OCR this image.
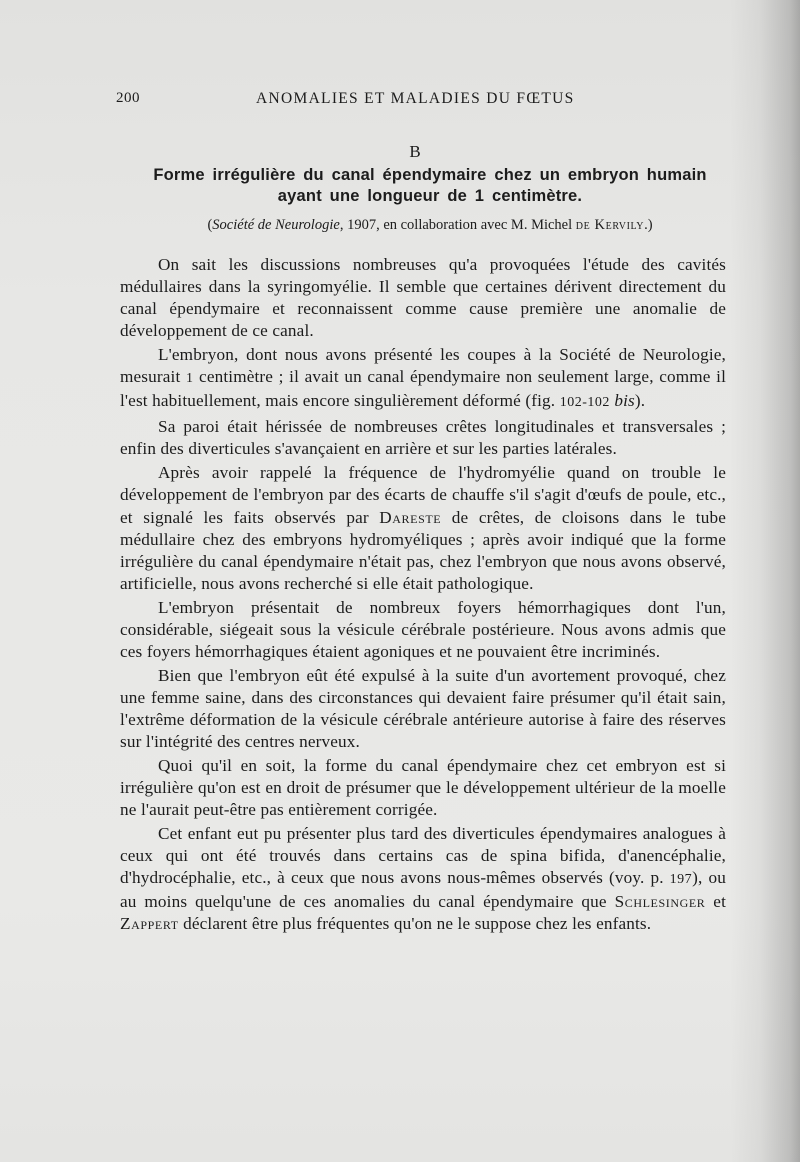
200	ANOMALIES ET MALADIES DU FŒTUS
B
Forme irrégulière du canal épendymaire chez un embryon humain
ayant une longueur de 1 centimètre.
(Société de Neurologie, 1907, en collaboration avec M. Michel de Kervily.)

On sait les discussions nombreuses qu'a provoquées l'étude des cavités médullaires dans la syringomyélie. Il semble que certaines dérivent directement du canal épendymaire et reconnaissent comme cause première une anomalie de développement de ce canal.

L'embryon, dont nous avons présenté les coupes à la Société de Neurologie, mesurait 1 centimètre ; il avait un canal épendymaire non seulement large, comme il l'est habituellement, mais encore singulièrement déformé (fig. 102-102 bis).

Sa paroi était hérissée de nombreuses crêtes longitudinales et transversales ; enfin des diverticules s'avançaient en arrière et sur les parties latérales.

Après avoir rappelé la fréquence de l'hydromyélie quand on trouble le développement de l'embryon par des écarts de chauffe s'il s'agit d'œufs de poule, etc., et signalé les faits observés par Dareste de crêtes, de cloisons dans le tube médullaire chez des embryons hydromyéliques ; après avoir indiqué que la forme irrégulière du canal épendymaire n'était pas, chez l'embryon que nous avons observé, artificielle, nous avons recherché si elle était pathologique.

L'embryon présentait de nombreux foyers hémorrhagiques dont l'un, considérable, siégeait sous la vésicule cérébrale postérieure. Nous avons admis que ces foyers hémorrhagiques étaient agoniques et ne pouvaient être incriminés.

Bien que l'embryon eût été expulsé à la suite d'un avortement provoqué, chez une femme saine, dans des circonstances qui devaient faire présumer qu'il était sain, l'extrême déformation de la vésicule cérébrale antérieure autorise à faire des réserves sur l'intégrité des centres nerveux.

Quoi qu'il en soit, la forme du canal épendymaire chez cet embryon est si irrégulière qu'on est en droit de présumer que le développement ultérieur de la moelle ne l'aurait peut-être pas entièrement corrigée.

Cet enfant eut pu présenter plus tard des diverticules épendymaires analogues à ceux qui ont été trouvés dans certains cas de spina bifida, d'anencéphalie, d'hydrocéphalie, etc., à ceux que nous avons nous-mêmes observés (voy. p. 197), ou au moins quelqu'une de ces anomalies du canal épendymaire que Schlesinger et Zappert déclarent être plus fréquentes qu'on ne le suppose chez les enfants.
